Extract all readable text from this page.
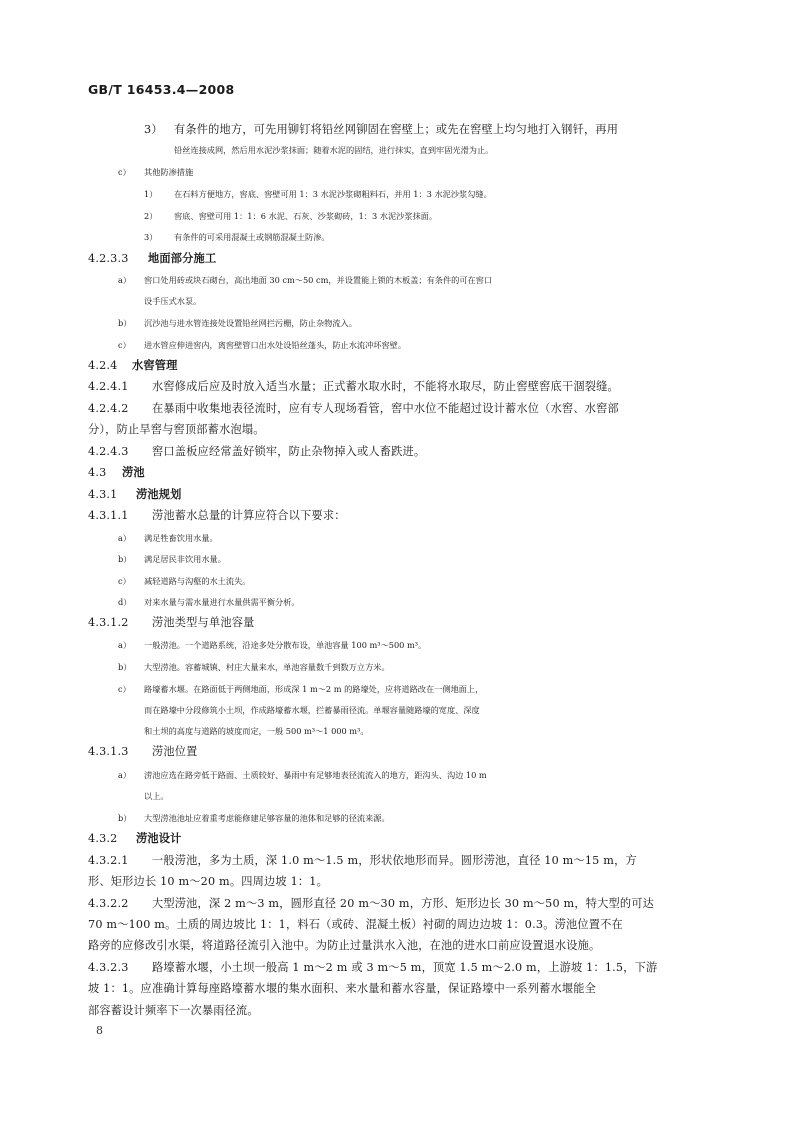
GB/T 16453.4—2008
3） 有条件的地方，可先用铆钉将铅丝网铆固在窖壁上；或先在窖壁上均匀地打入钢钎，再用
铅丝连接成网，然后用水泥沙浆抹面；随着水泥的固结，进行抹实，直到牢固光滑为止。
c） 其他防渗措施
1） 在石料方便地方，窖底、窖壁可用 1：3 水泥沙浆砌粗料石，并用 1：3 水泥沙浆勾缝。
2） 窖底、窖壁可用 1：1：6 水泥、石灰、沙浆砌砖，1：3 水泥沙浆抹面。
3） 有条件的可采用混凝土或钢筋混凝土防渗。
4.2.3.3 地面部分施工
a） 窖口处用砖或块石砌台，高出地面 30 cm～50 cm，并设置能上锁的木板盖；有条件的可在窖口
设手压式水泵。
b） 沉沙池与进水管连接处设置铅丝网拦污栅，防止杂物流入。
c） 进水管应伸进窖内，离窖壁管口出水处设铅丝蓬头，防止水流冲坏窖壁。
4.2.4 水窖管理
4.2.4.1 水窖修成后应及时放入适当水量；正式蓄水取水时，不能将水取尽，防止窖壁窖底干涸裂缝。
4.2.4.2 在暴雨中收集地表径流时，应有专人现场看管，窖中水位不能超过设计蓄水位（水窖、水窖部
分），防止旱窖与窖顶部蓄水泡塌。
4.2.4.3 窖口盖板应经常盖好锁牢，防止杂物掉入或人畜跌进。
4.3 涝池
4.3.1 涝池规划
4.3.1.1 涝池蓄水总量的计算应符合以下要求：
a） 满足牲畜饮用水量。
b） 满足居民非饮用水量。
c） 减轻道路与沟壑的水土流失。
d） 对来水量与需水量进行水量供需平衡分析。
4.3.1.2 涝池类型与单池容量
a） 一般涝池。一个道路系统，沿途多处分散布设，单池容量 100 m³～500 m³。
b） 大型涝池。容蓄城镇、村庄大量来水，单池容量数千到数万立方米。
c） 路壕蓄水堰。在路面低于两侧地面，形成深 1 m～2 m 的路壕处，应将道路改在一侧地面上，
而在路壕中分段修筑小土坝，作成路壕蓄水堰，拦蓄暴雨径流。单堰容量随路壕的宽度、深度
和土坝的高度与道路的坡度而定，一般 500 m³～1 000 m³。
4.3.1.3 涝池位置
a） 涝池应选在路旁低于路面、土质较好、暴雨中有足够地表径流流入的地方，距沟头、沟边 10 m
以上。
b） 大型涝池池址应着重考虑能修建足够容量的池体和足够的径流来源。
4.3.2 涝池设计
4.3.2.1 一般涝池，多为土质，深 1.0 m～1.5 m，形状依地形而异。圆形涝池，直径 10 m～15 m，方
形、矩形边长 10 m～20 m。四周边坡 1：1。
4.3.2.2 大型涝池，深 2 m～3 m，圆形直径 20 m～30 m，方形、矩形边长 30 m～50 m，特大型的可达
70 m～100 m。土质的周边坡比 1：1，料石（或砖、混凝土板）衬砌的周边边坡 1：0.3。涝池位置不在
路旁的应修改引水渠，将道路径流引入池中。为防止过量洪水入池，在池的进水口前应设置退水设施。
4.3.2.3 路壕蓄水堰，小土坝一般高 1 m～2 m 或 3 m～5 m，顶宽 1.5 m～2.0 m，上游坡 1：1.5，下游
坡 1：1。应准确计算每座路壕蓄水堰的集水面积、来水量和蓄水容量，保证路壕中一系列蓄水堰能全
部容蓄设计频率下一次暴雨径流。
8
